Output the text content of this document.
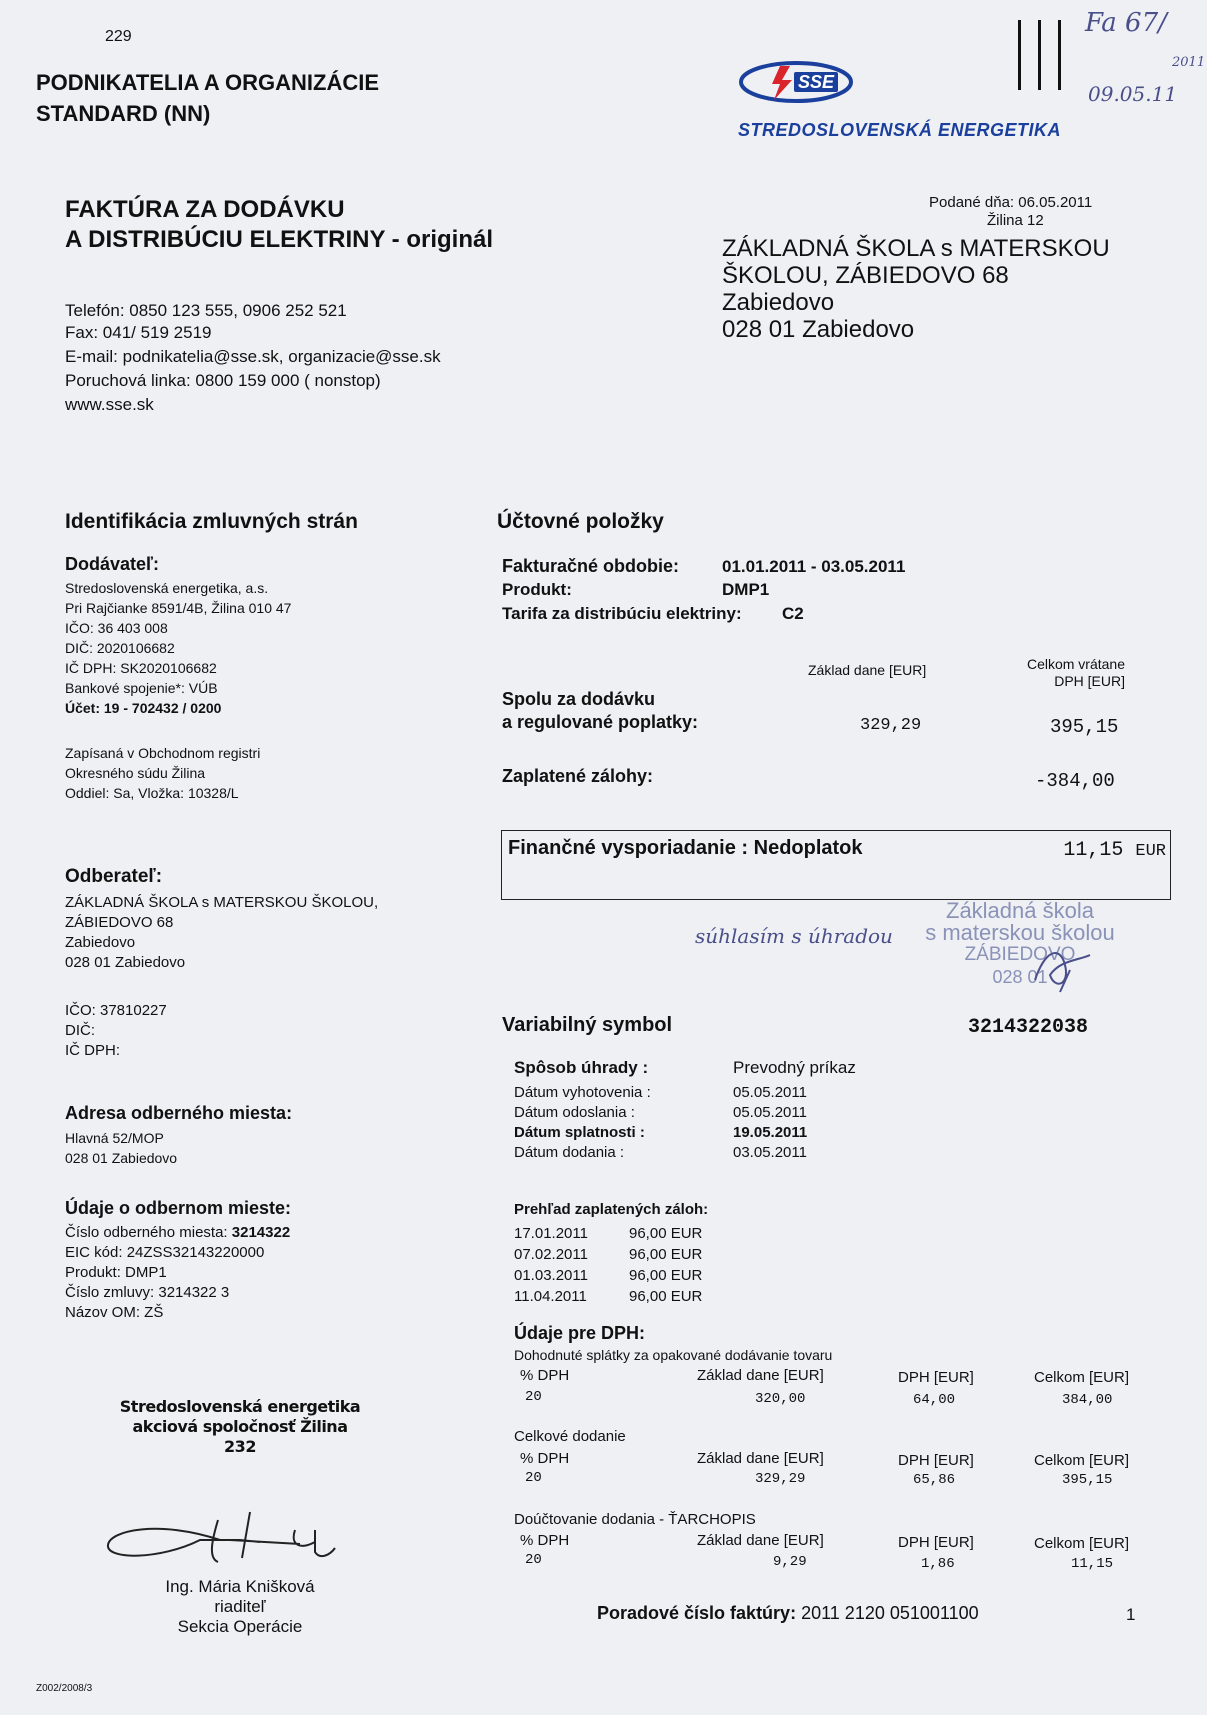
229
PODNIKATELIA A ORGANIZÁCIE
STANDARD (NN)
SSE
STREDOSLOVENSKÁ ENERGETIKA
Fa 67/
2011
09.05.11
FAKTÚRA ZA DODÁVKU
A DISTRIBÚCIU ELEKTRINY - originál
Podané dňa: 06.05.2011
Žilina 12
ZÁKLADNÁ ŠKOLA s MATERSKOU
ŠKOLOU, ZÁBIEDOVO 68
Zabiedovo
028 01 Zabiedovo
Telefón: 0850 123 555, 0906 252 521
Fax: 041/ 519 2519
E-mail: podnikatelia@sse.sk, organizacie@sse.sk
Poruchová linka: 0800 159 000 ( nonstop)
www.sse.sk
Identifikácia zmluvných strán
Dodávateľ:
Stredoslovenská energetika, a.s.
Pri Rajčianke 8591/4B, Žilina 010 47
IČO: 36 403 008
DIČ: 2020106682
IČ DPH: SK2020106682
Bankové spojenie*: VÚB
Účet: 19 - 702432 / 0200
Zapísaná v Obchodnom registri
Okresného súdu Žilina
Oddiel: Sa, Vložka: 10328/L
Odberateľ:
ZÁKLADNÁ ŠKOLA s MATERSKOU ŠKOLOU,
ZÁBIEDOVO 68
Zabiedovo
028 01 Zabiedovo
IČO: 37810227
DIČ:
IČ DPH:
Adresa odberného miesta:
Hlavná 52/MOP
028 01 Zabiedovo
Údaje o odbernom mieste:
Číslo odberného miesta: 3214322
EIC kód: 24ZSS32143220000
Produkt: DMP1
Číslo zmluvy: 3214322 3
Názov OM: ZŠ
Stredoslovenská energetika
akciová spoločnosť Žilina
232
Ing. Mária Knišková
riaditeľ
Sekcia Operácie
Z002/2008/3
Účtovné položky
Fakturačné obdobie:	01.01.2011 - 03.05.2011
Produkt:	DMP1
Tarifa za distribúciu elektriny: C2
Základ dane [EUR]	Celkom vrátane
DPH [EUR]
Spolu za dodávku
a regulované poplatky:	329,29	395,15
Zaplatené zálohy:	-384,00
Finančné vysporiadanie : Nedoplatok	11,15 EUR
Základná škola
s materskou školou
ZÁBIEDOVO
028 01
súhlasím s úhradou
Variabilný symbol	3214322038
Spôsob úhrady :	Prevodný príkaz
Dátum vyhotovenia :	05.05.2011
Dátum odoslania :	05.05.2011
Dátum splatnosti :	19.05.2011
Dátum dodania :	03.05.2011
Prehľad zaplatených záloh:
17.01.2011	96,00 EUR
07.02.2011	96,00 EUR
01.03.2011	96,00 EUR
11.04.2011	96,00 EUR
Údaje pre DPH:
Dohodnuté splátky za opakované dodávanie tovaru
% DPH	Základ dane [EUR]	DPH [EUR]	Celkom [EUR]
20	320,00	64,00	384,00
Celkové dodanie
% DPH	Základ dane [EUR]	DPH [EUR]	Celkom [EUR]
20	329,29	65,86	395,15
Doúčtovanie dodania - ŤARCHOPIS
% DPH	Základ dane [EUR]	DPH [EUR]	Celkom [EUR]
20	9,29	1,86	11,15
Poradové číslo faktúry: 2011 2120 051001100	1
